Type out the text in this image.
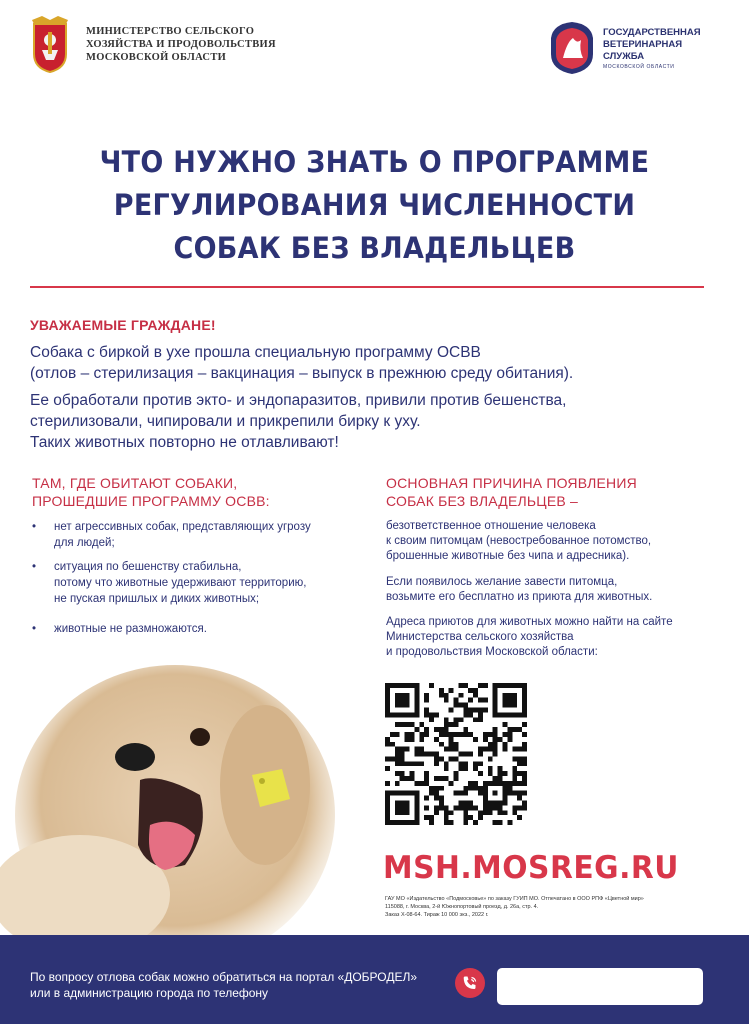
МИНИСТЕРСТВО СЕЛЬСКОГО
ХОЗЯЙСТВА И ПРОДОВОЛЬСТВИЯ
МОСКОВСКОЙ ОБЛАСТИ
ГОСУДАРСТВЕННАЯ
ВЕТЕРИНАРНАЯ
СЛУЖБА
МОСКОВСКОЙ ОБЛАСТИ
ЧТО НУЖНО ЗНАТЬ О ПРОГРАММЕ
РЕГУЛИРОВАНИЯ ЧИСЛЕННОСТИ
СОБАК БЕЗ ВЛАДЕЛЬЦЕВ
УВАЖАЕМЫЕ ГРАЖДАНЕ!
Собака с биркой в ухе прошла специальную программу ОСВВ
(отлов – стерилизация – вакцинация – выпуск в прежнюю среду обитания).
Ее обработали против экто- и эндопаразитов, привили против бешенства,
стерилизовали, чипировали и прикрепили бирку к уху.
Таких животных повторно не отлавливают!
ТАМ, ГДЕ ОБИТАЮТ СОБАКИ,
ПРОШЕДШИЕ ПРОГРАММУ ОСВВ:
• нет агрессивных собак, представляющих угрозу
для людей;
• ситуация по бешенству стабильна,
потому что животные удерживают территорию,
не пуская пришлых и диких животных;
• животные не размножаются.
ОСНОВНАЯ ПРИЧИНА ПОЯВЛЕНИЯ
СОБАК БЕЗ ВЛАДЕЛЬЦЕВ –
безответственное отношение человека
к своим питомцам (невостребованное потомство,
брошенные животные без чипа и адресника).
Если появилось желание завести питомца,
возьмите его бесплатно из приюта для животных.
Адреса приютов для животных можно найти на сайте
Министерства сельского хозяйства
и продовольствия Московской области:
MSH.MOSREG.RU
ГАУ МО «Издательство «Подмосковье» по заказу ГУИП МО. Отпечатано в ООО РПФ «Цветной мир»
115088, г. Москва, 2-й Южнопортовый проезд, д. 26а, стр. 4.
Заказ Х-08-64. Тираж 10 000 экз., 2022 г.
По вопросу отлова собак можно обратиться на портал «ДОБРОДЕЛ»
или в администрацию города по телефону
